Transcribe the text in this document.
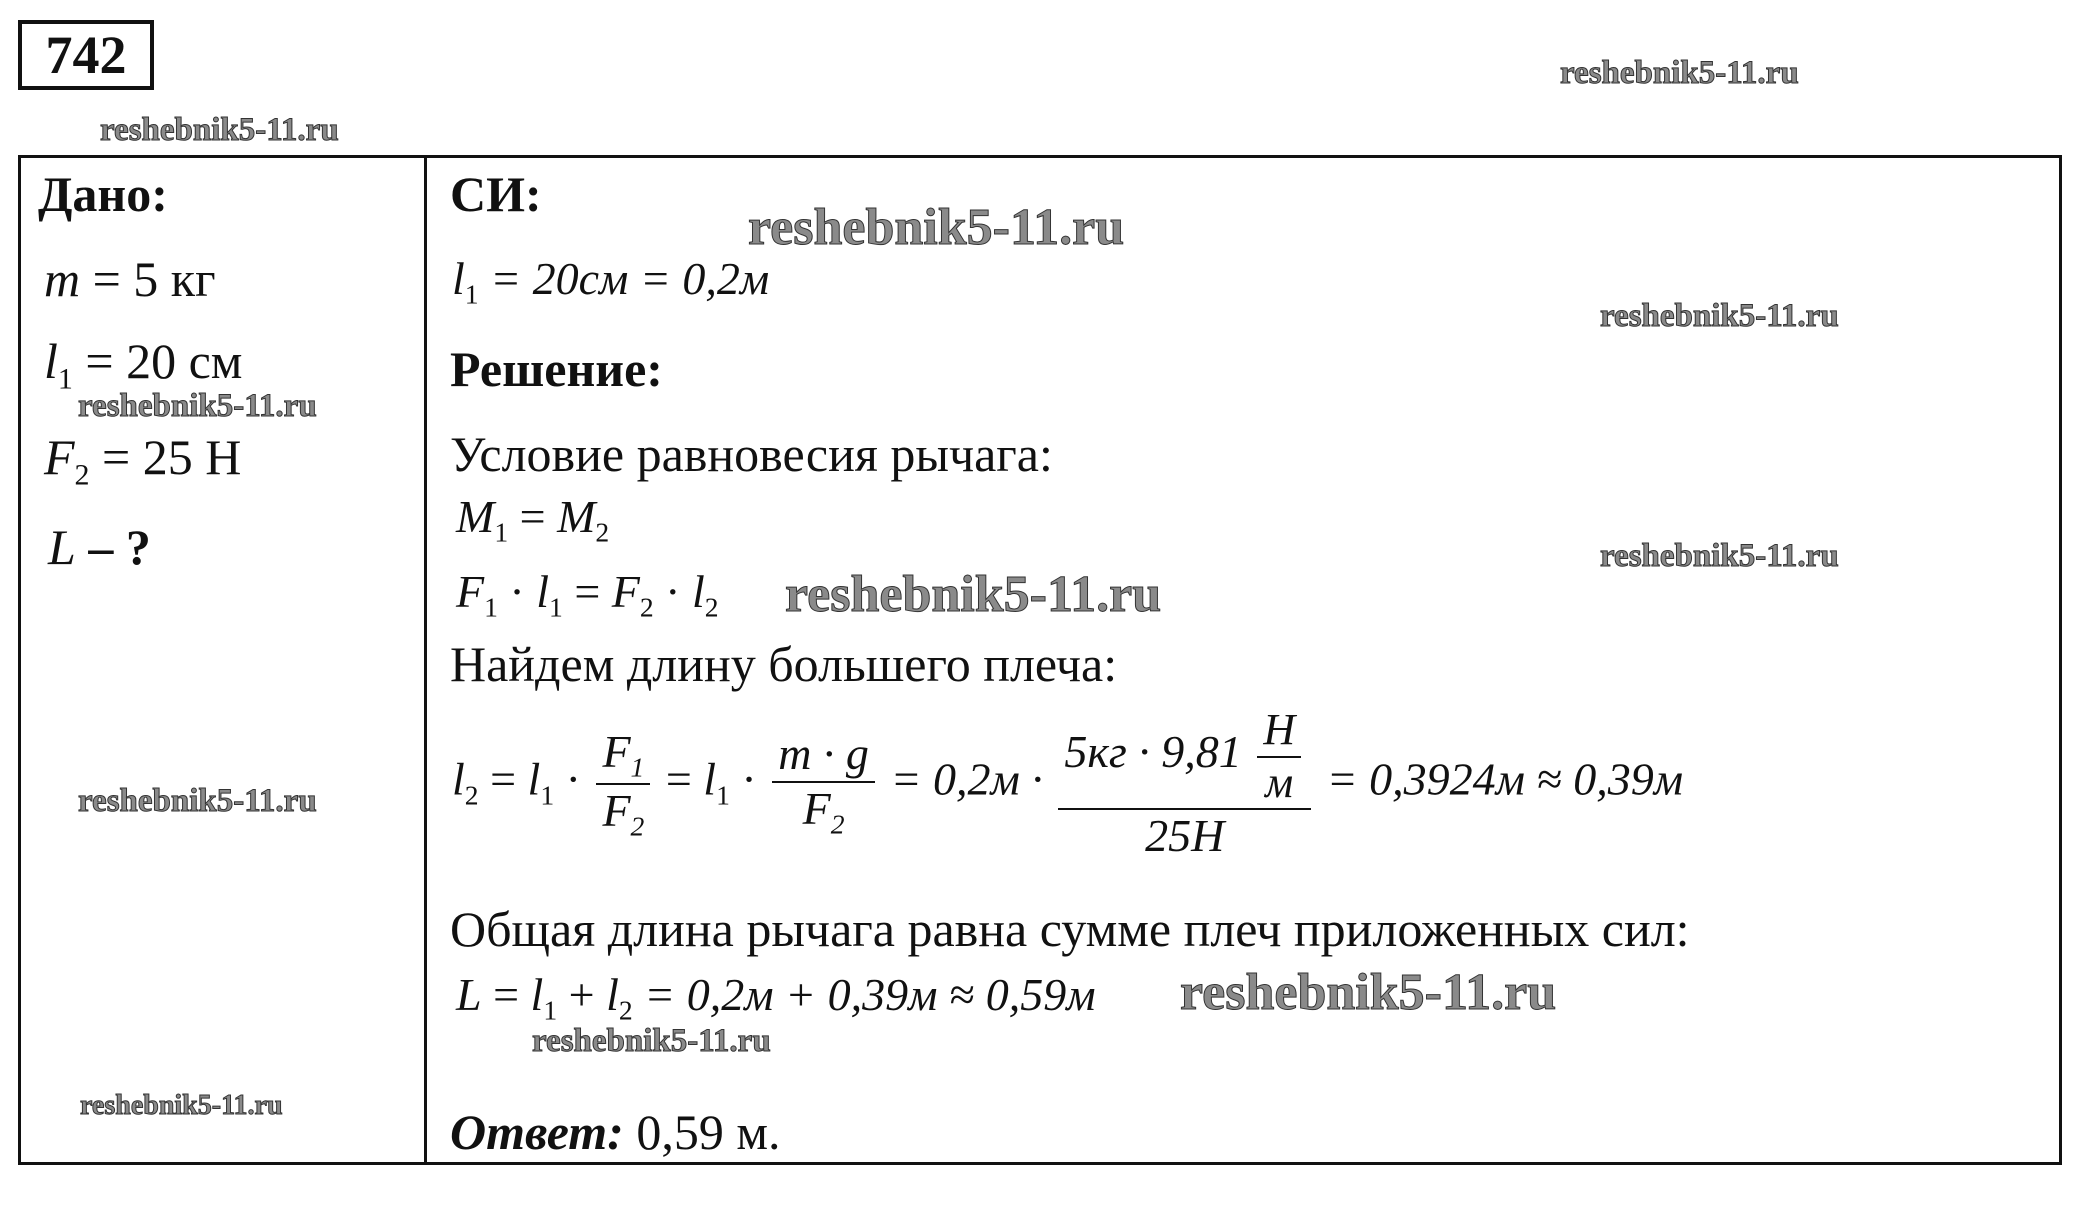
742	reshebnik5-11.ru
reshebnik5-11.ru
Дано:
m = 5 кг
$l_1 = 20$ см
reshebnik5-11.ru
$F_2 = 25$ Н
L – ?
reshebnik5-11.ru
reshebnik5-11.ru
СИ:
reshebnik5-11.ru
$l_1 = 20см = 0,2м$
reshebnik5-11.ru
Решение:
Условие равновесия рычага:
$M_1 = M_2$
reshebnik5-11.ru
$F_1 \cdot l_1 = F_2 \cdot l_2$ reshebnik5-11.ru
Найдем длину большего плеча:
$l_2 = l_1 \cdot \frac{F_1}{F_2} = l_1 \cdot \frac{m \cdot g}{F_2} = 0,2м \cdot \frac{5кг \cdot 9,81 \frac{Н}{м}}{25Н} = 0,3924м \approx 0,39м$
Общая длина рычага равна сумме плеч приложенных сил:
$L = l_1 + l_2 = 0,2м + 0,39м \approx 0,59м$ reshebnik5-11.ru
reshebnik5-11.ru
Ответ: 0,59 м.
